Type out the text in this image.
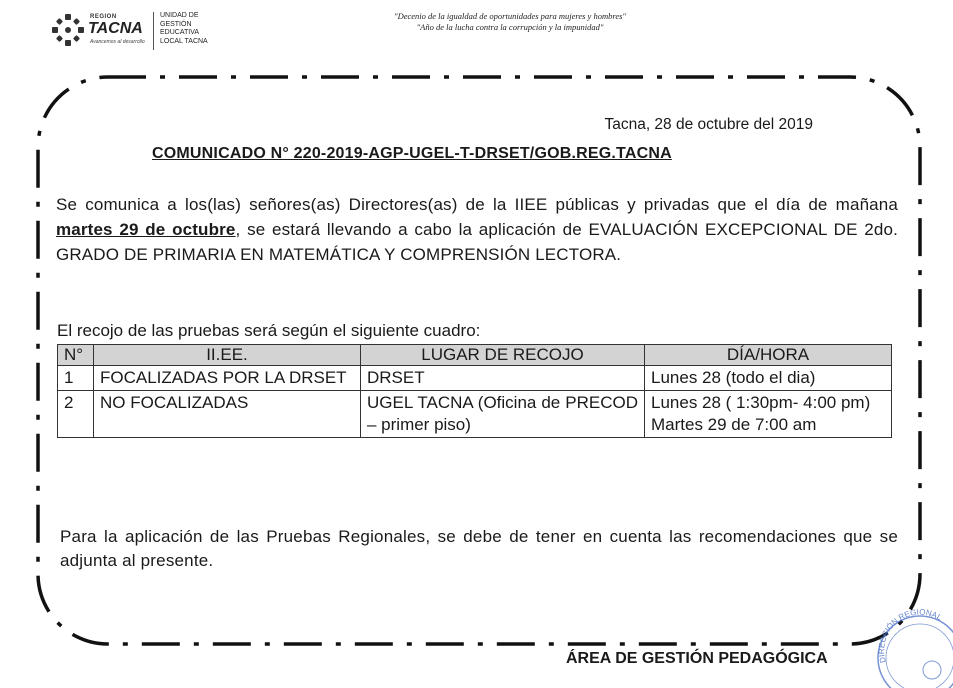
REGION
TACNA
Avancemos al desarrollo
UNIDAD DE
GESTIÓN
EDUCATIVA
LOCAL TACNA
"Decenio de la igualdad de oportunidades para mujeres y hombres"
"Año de la lucha contra la corrupción y la impunidad"
Tacna, 28 de octubre del 2019
COMUNICADO N° 220-2019-AGP-UGEL-T-DRSET/GOB.REG.TACNA
Se comunica a los(las) señores(as) Directores(as) de la IIEE públicas y privadas que el día de mañana martes 29 de octubre, se estará llevando a cabo la aplicación de EVALUACIÓN EXCEPCIONAL DE 2do. GRADO DE PRIMARIA EN MATEMÁTICA Y COMPRENSIÓN LECTORA.
El recojo de las pruebas será según el siguiente cuadro:
N°	II.EE.	LUGAR DE RECOJO	DÍA/HORA
1	FOCALIZADAS POR LA DRSET	DRSET	Lunes 28 (todo el dia)

2	NO FOCALIZADAS	UGEL TACNA (Oficina de PRECOD – primer piso)	Lunes 28 ( 1:30pm- 4:00 pm)
Martes 29 de 7:00 am
Para la aplicación de las Pruebas Regionales, se debe de tener en cuenta las recomendaciones que se adjunta al presente.
ÁREA DE GESTIÓN PEDAGÓGICA	DIRECCIÓN REGIONAL
